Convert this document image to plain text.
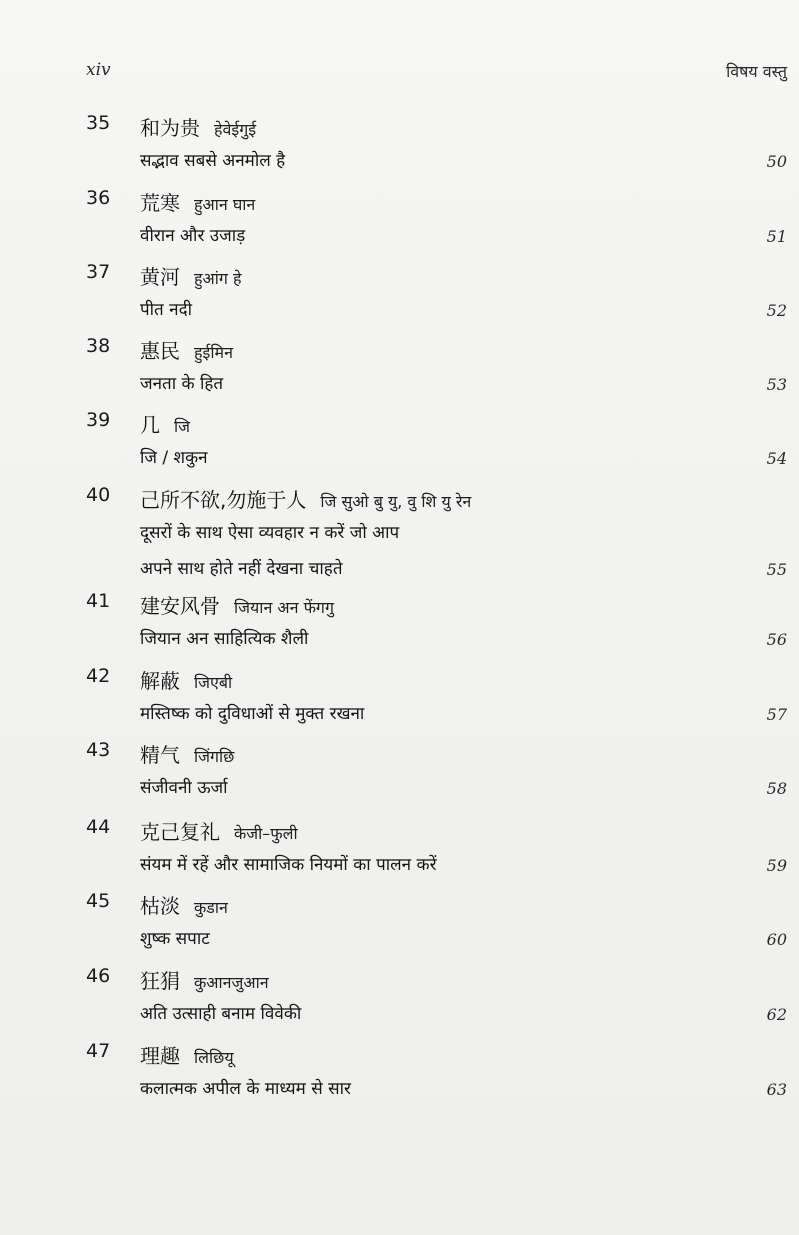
xiv	विषय वस्तु
35 和为贵 हेवेईगुई
सद्भाव सबसे अनमोल है	50
36 荒寒 हुआन घान
वीरान और उजाड़	51
37 黄河 हुआंग हे
पीत नदी	52
38 惠民 हुईमिन
जनता के हित	53
39 几 जि
जि / शकुन	54
40 己所不欲,勿施于人 जि सुओ बु यु, वु शि यु रेन
दूसरों के साथ ऐसा व्यवहार न करें जो आप
अपने साथ होते नहीं देखना चाहते	55
41 建安风骨 जियान अन फेंगगु
जियान अन साहित्यिक शैली	56
42 解蔽 जिएबी
मस्तिष्क को दुविधाओं से मुक्त रखना	57
43 精气 जिंगछि
संजीवनी ऊर्जा	58
44 克己复礼 केजी–फुली
संयम में रहें और सामाजिक नियमों का पालन करें	59
45 枯淡 कुडान
शुष्क सपाट	60
46 狂狷 कुआनजुआन
अति उत्साही बनाम विवेकी	62
47 理趣 लिछियू
कलात्मक अपील के माध्यम से सार	63
